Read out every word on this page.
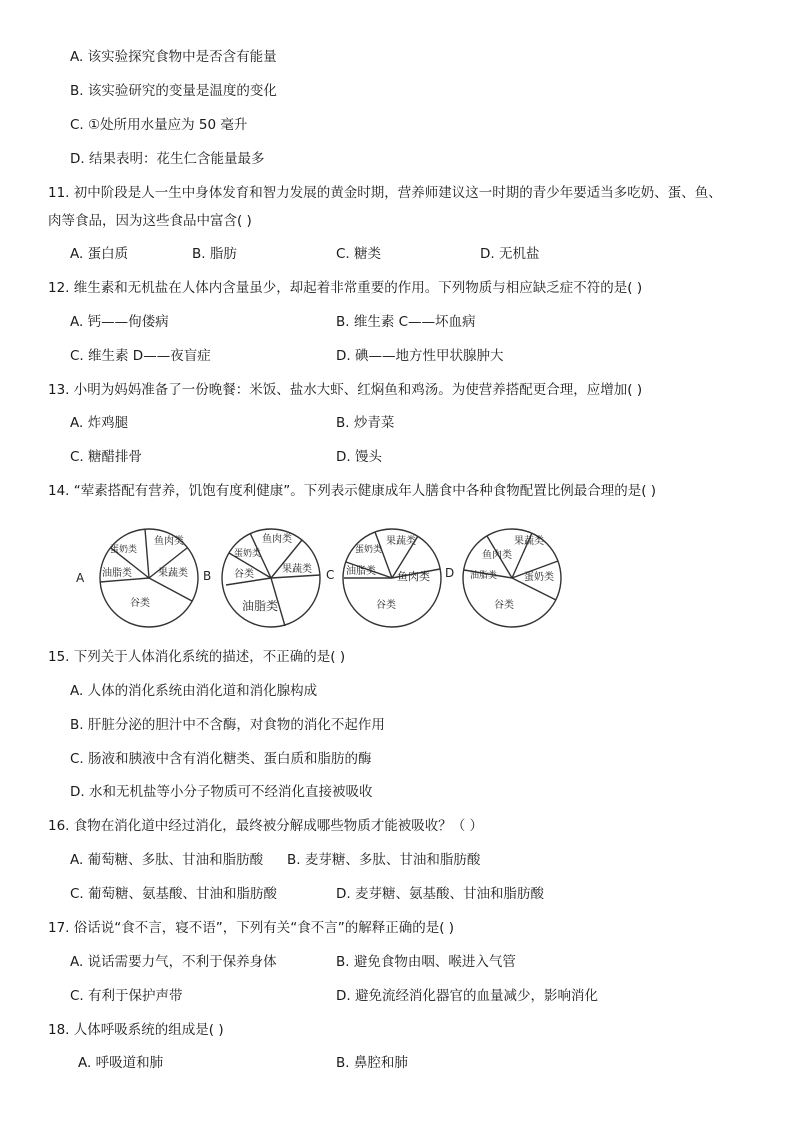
A. 该实验探究食物中是否含有能量
B. 该实验研究的变量是温度的变化
C. ①处所用水量应为 50 毫升
D. 结果表明：花生仁含能量最多
11. 初中阶段是人一生中身体发育和智力发展的黄金时期，营养师建议这一时期的青少年要适当多吃奶、蛋、鱼、
肉等食品，因为这些食品中富含( )
A. 蛋白质	B. 脂肪	C. 糖类	D. 无机盐
12. 维生素和无机盐在人体内含量虽少，却起着非常重要的作用。下列物质与相应缺乏症不符的是( )
A. 钙——佝偻病	B. 维生素 C——坏血病
C. 维生素 D——夜盲症	D. 碘——地方性甲状腺肿大
13. 小明为妈妈准备了一份晚餐：米饭、盐水大虾、红焖鱼和鸡汤。为使营养搭配更合理，应增加( )
A. 炸鸡腿	B. 炒青菜
C. 糖醋排骨	D. 馒头
14. “荤素搭配有营养，饥饱有度利健康”。下列表示健康成年人膳食中各种食物配置比例最合理的是( )
A	B	C	D
蛋奶类
鱼肉类
油脂类	果蔬类
谷类
蛋奶类
鱼肉类
谷类	果蔬类
油脂类
蛋奶类
果蔬类
油脂类 鱼肉类
谷类
鱼肉类
果蔬类
油脂类	蛋奶类
谷类
15. 下列关于人体消化系统的描述，不正确的是( )
A. 人体的消化系统由消化道和消化腺构成
B. 肝脏分泌的胆汁中不含酶，对食物的消化不起作用
C. 肠液和胰液中含有消化糖类、蛋白质和脂肪的酶
D. 水和无机盐等小分子物质可不经消化直接被吸收
16. 食物在消化道中经过消化，最终被分解成哪些物质才能被吸收？（ ）
A. 葡萄糖、多肽、甘油和脂肪酸 B. 麦芽糖、多肽、甘油和脂肪酸
C. 葡萄糖、氨基酸、甘油和脂肪酸	D. 麦芽糖、氨基酸、甘油和脂肪酸
17. 俗话说“食不言，寝不语”，下列有关“食不言”的解释正确的是( )
A. 说话需要力气，不利于保养身体	B. 避免食物由咽、喉进入气管
C. 有利于保护声带	D. 避免流经消化器官的血量减少，影响消化
18. 人体呼吸系统的组成是( )
A. 呼吸道和肺	B. 鼻腔和肺
